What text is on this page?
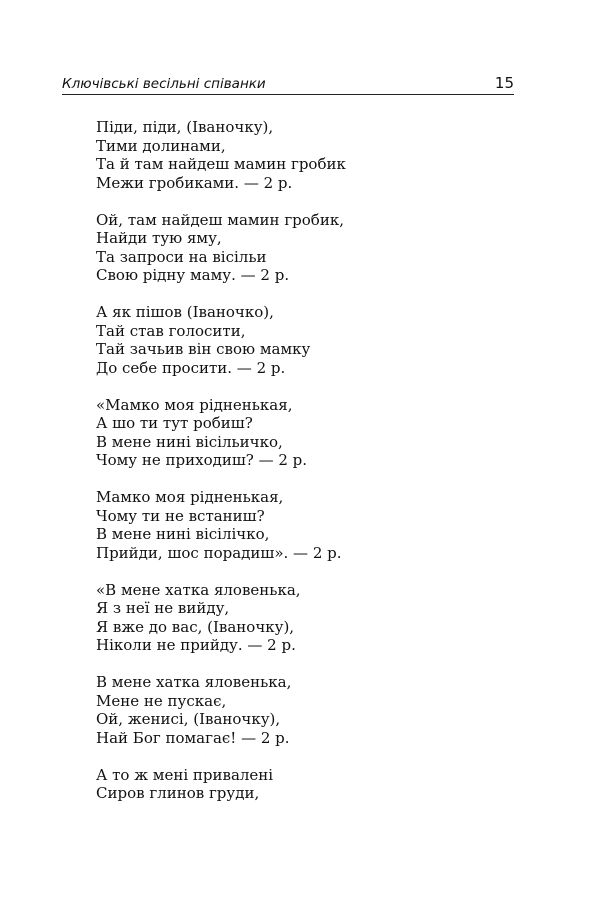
Ключівські весільні співанки	15
Піди, піди, (Іваночку),
Тими долинами,
Та й там найдеш мамин гробик
Межи гробиками. — 2 р.
Ой, там найдеш мамин гробик,
Найди тую яму,
Та запроси на вісільи
Свою рідну маму. — 2 р.
А як пішов (Іваночко),
Тай став голосити,
Тай зачьив він свою мамку
До себе просити. — 2 р.
«Мамко моя рідненькая,
А шо ти тут робиш?
В мене нині вісільичко,
Чому не приходиш? — 2 р.
Мамко моя рідненькая,
Чому ти не встаниш?
В мене нині вісілічко,
Прийди, шос порадиш». — 2 р.
«В мене хатка яловенька,
Я з неї не вийду,
Я вже до вас, (Іваночку),
Ніколи не прийду. — 2 р.
В мене хатка яловенька,
Мене не пускає,
Ой, женисі, (Іваночку),
Най Бог помагає! — 2 р.
А то ж мені привалені
Сиров глинов груди,
